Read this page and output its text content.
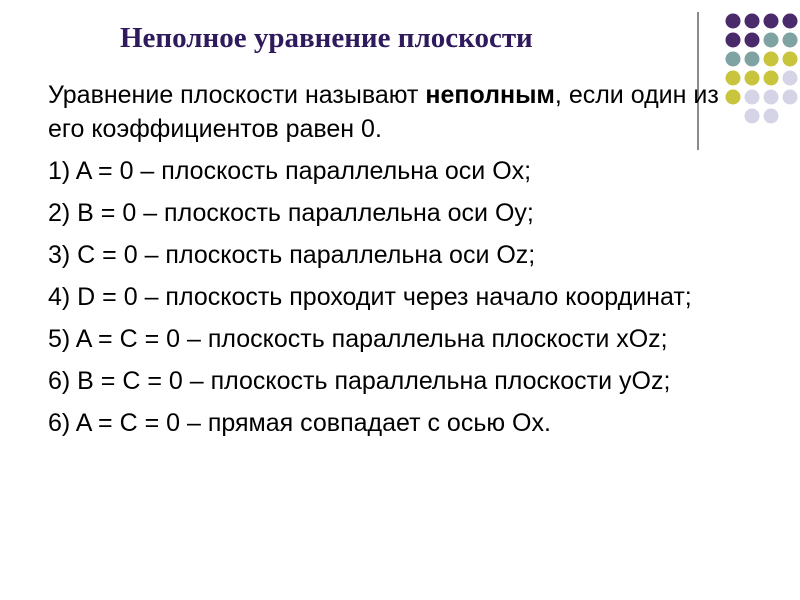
Неполное уравнение плоскости

Уравнение плоскости называют неполным, если один из его коэффициентов равен 0.

1) A = 0 – плоскость параллельна оси Ox;
2) B = 0 – плоскость параллельна оси Oy;
3) C = 0 – плоскость параллельна оси Oz;
4) D = 0 – плоскость проходит через начало координат;
5) A = C = 0 – плоскость параллельна плоскости xOz;
6) B = C = 0 – плоскость параллельна плоскости yOz;
6) A = C = 0 – прямая совпадает с осью Ox.
